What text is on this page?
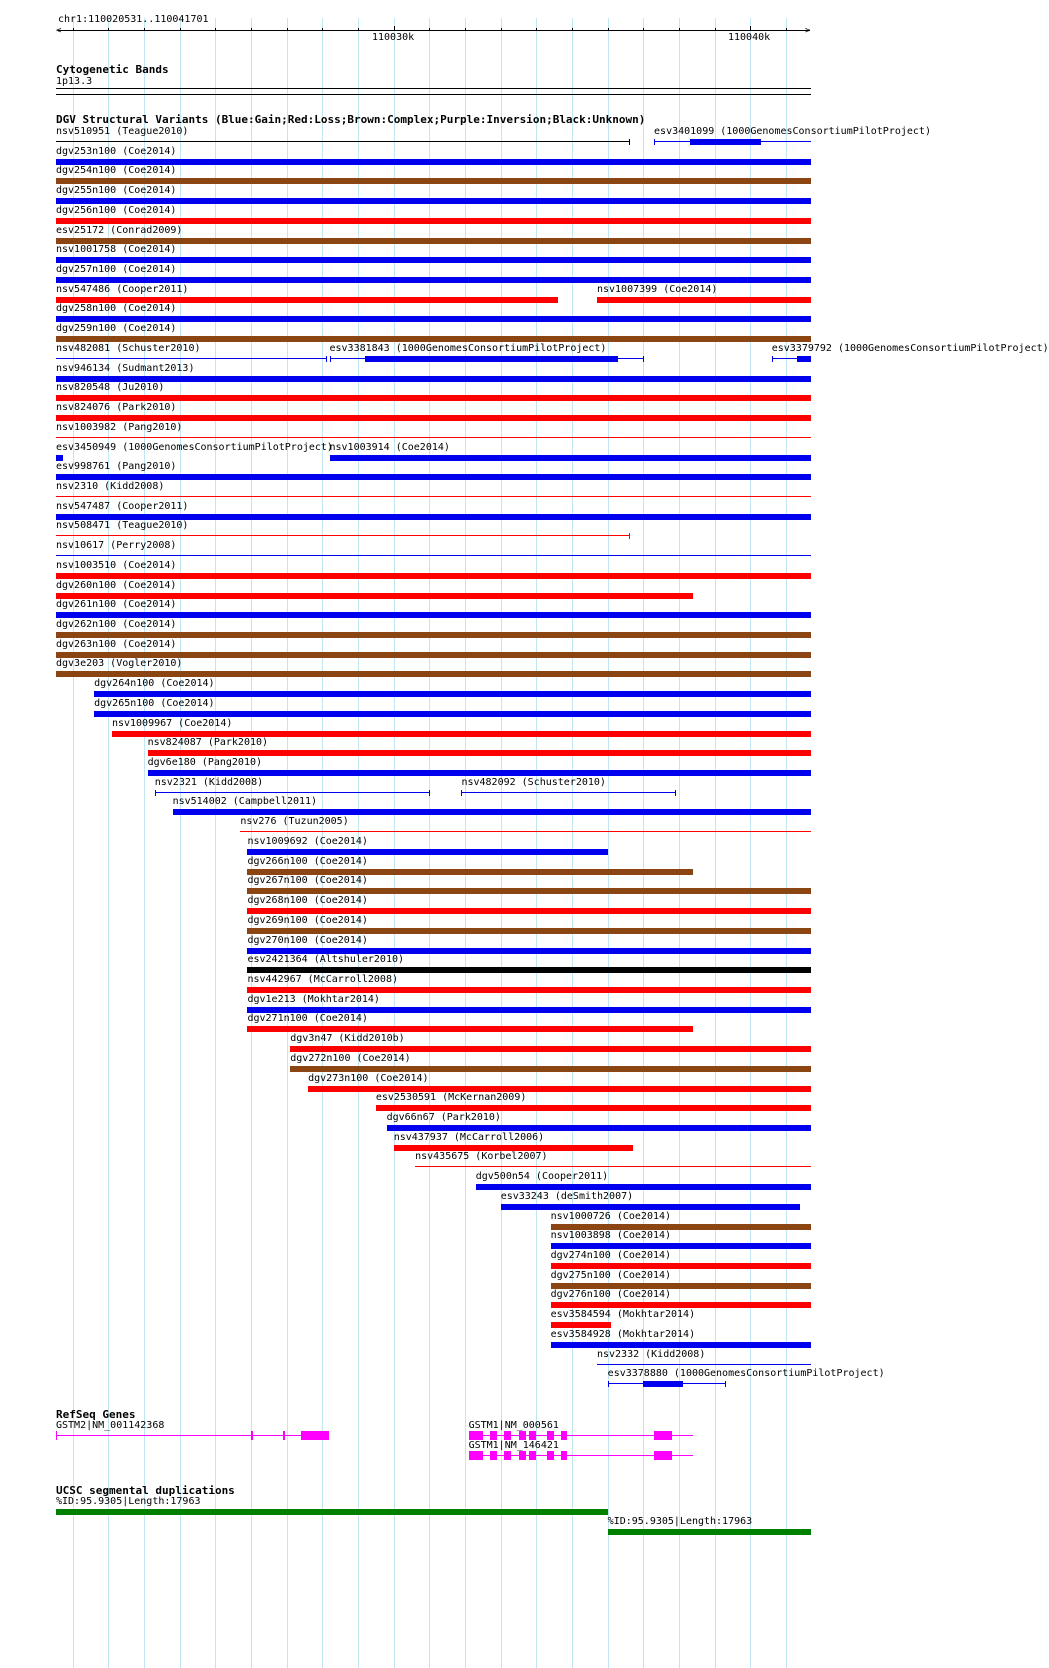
chr1:110020531..110041701
<	>
110030k	110040k
Cytogenetic Bands
1p13.3
DGV Structural Variants (Blue:Gain;Red:Loss;Brown:Complex;Purple:Inversion;Black:Unknown)
nsv510951 (Teague2010)	esv3401099 (1000GenomesConsortiumPilotProject)
dgv253n100 (Coe2014)
dgv254n100 (Coe2014)
dgv255n100 (Coe2014)
dgv256n100 (Coe2014)
esv25172 (Conrad2009)
nsv1001758 (Coe2014)
dgv257n100 (Coe2014)
nsv547486 (Cooper2011)	nsv1007399 (Coe2014)
dgv258n100 (Coe2014)
dgv259n100 (Coe2014)
nsv482081 (Schuster2010)	esv3381843 (1000GenomesConsortiumPilotProject)	esv3379792 (1000GenomesConsortiumPilotProject)
nsv946134 (Sudmant2013)
nsv820548 (Ju2010)
nsv824076 (Park2010)
nsv1003982 (Pang2010)
esv3450949 (1000GenomesConsortiumPilotProject)
nsv1003914 (Coe2014)
esv998761 (Pang2010)
nsv2310 (Kidd2008)
nsv547487 (Cooper2011)
nsv508471 (Teague2010)
nsv10617 (Perry2008)
nsv1003510 (Coe2014)
dgv260n100 (Coe2014)
dgv261n100 (Coe2014)
dgv262n100 (Coe2014)
dgv263n100 (Coe2014)
dgv3e203 (Vogler2010)
dgv264n100 (Coe2014)
dgv265n100 (Coe2014)
nsv1009967 (Coe2014)
nsv824087 (Park2010)
dgv6e180 (Pang2010)
nsv2321 (Kidd2008)	nsv482092 (Schuster2010)
nsv514002 (Campbell2011)
nsv276 (Tuzun2005)
nsv1009692 (Coe2014)
dgv266n100 (Coe2014)
dgv267n100 (Coe2014)
dgv268n100 (Coe2014)
dgv269n100 (Coe2014)
dgv270n100 (Coe2014)
esv2421364 (Altshuler2010)
nsv442967 (McCarroll2008)
dgv1e213 (Mokhtar2014)
dgv271n100 (Coe2014)
dgv3n47 (Kidd2010b)
dgv272n100 (Coe2014)
dgv273n100 (Coe2014)
esv2530591 (McKernan2009)
dgv66n67 (Park2010)
nsv437937 (McCarroll2006)
nsv435675 (Korbel2007)
dgv500n54 (Cooper2011)
esv33243 (deSmith2007)
nsv1000726 (Coe2014)
nsv1003898 (Coe2014)
dgv274n100 (Coe2014)
dgv275n100 (Coe2014)
dgv276n100 (Coe2014)
esv3584594 (Mokhtar2014)
esv3584928 (Mokhtar2014)
nsv2332 (Kidd2008)
esv3378880 (1000GenomesConsortiumPilotProject)
RefSeq Genes
GSTM2|NM_001142368	GSTM1|NM_000561
GSTM1|NM_146421
UCSC segmental duplications
%ID:95.9305|Length:17963
%ID:95.9305|Length:17963
